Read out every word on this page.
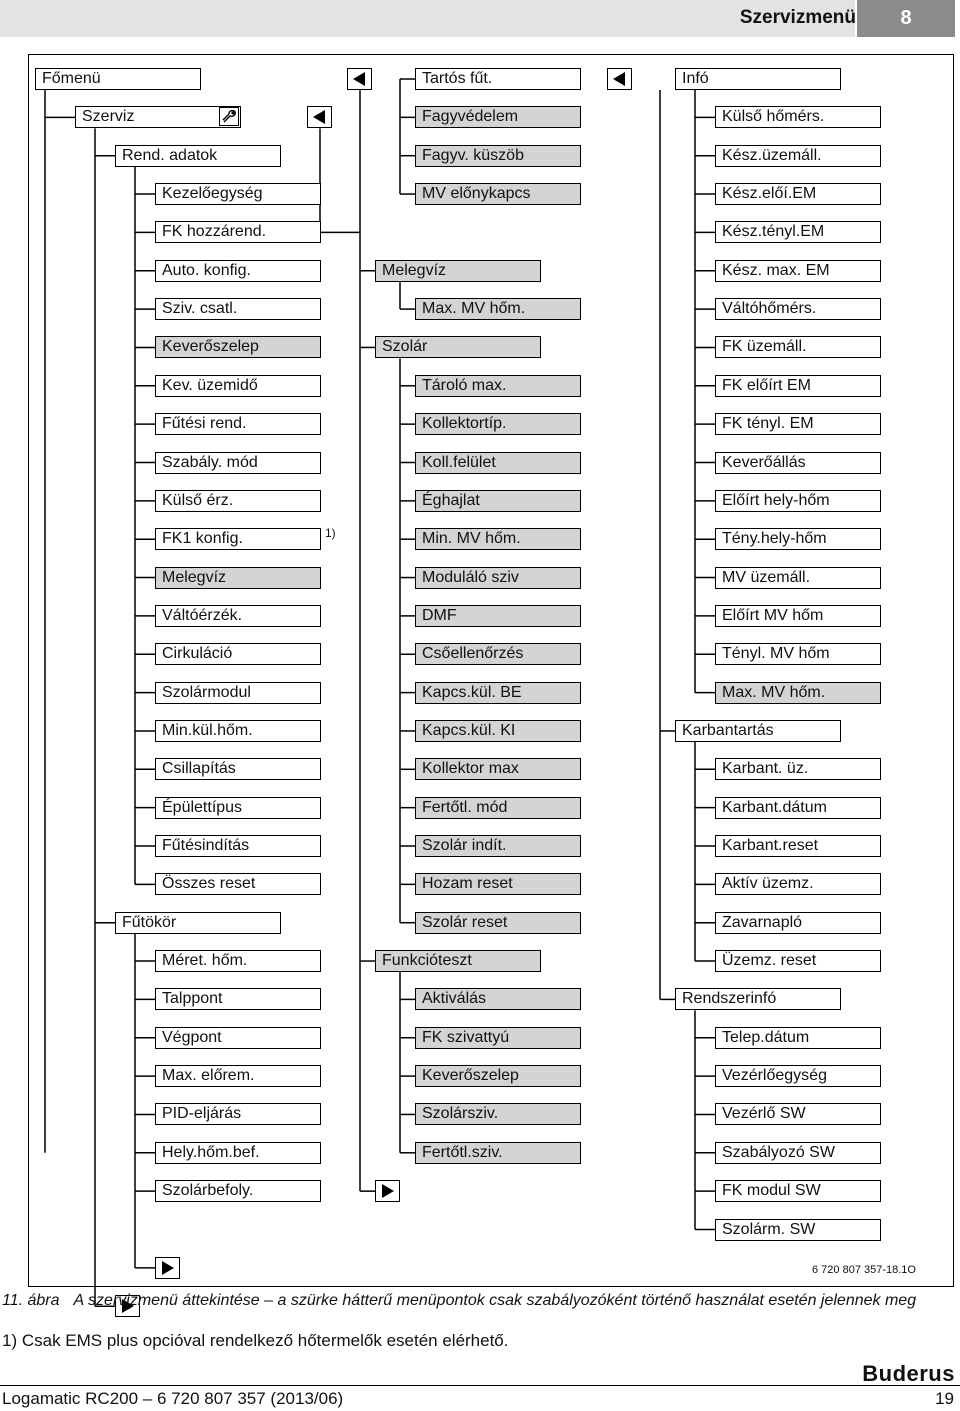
Szervizmenü	8
Főmenü
Szerviz
Rend. adatok
Kezelőegység
FK hozzárend.
Auto. konfig.
Sziv. csatl.
Keverőszelep
Kev. üzemidő
Fűtési rend.
Szabály. mód
Külső érz.
FK1 konfig.
Melegvíz
Váltóérzék.
Cirkuláció
Szolármodul
Min.kül.hőm.
Csillapítás
Épülettípus
Fűtésindítás
Összes reset
Fűtökör
Méret. hőm.
Talppont
Végpont
Max. előrem.
PID-eljárás
Hely.hőm.bef.
Szolárbefoly.
1)
Tartós fűt.
Fagyvédelem
Fagyv. küszöb
MV előnykapcs
Melegvíz
Max. MV hőm.
Szolár
Tároló max.
Kollektortíp.
Koll.felület
Éghajlat
Min. MV hőm.
Moduláló sziv
DMF
Csőellenőrzés
Kapcs.kül. BE
Kapcs.kül. KI
Kollektor max
Fertőtl. mód
Szolár indít.
Hozam reset
Szolár reset
Funkcióteszt
Aktiválás
FK szivattyú
Keverőszelep
Szolársziv.
Fertőtl.sziv.
Infó
Külső hőmérs.
Kész.üzemáll.
Kész.előí.EM
Kész.tényl.EM
Kész. max. EM
Váltóhőmérs.
FK üzemáll.
FK előírt EM
FK tényl. EM
Keverőállás
Előírt hely-hőm
Tény.hely-hőm
MV üzemáll.
Előírt MV hőm
Tényl. MV hőm
Max. MV hőm.
Karbantartás
Karbant. üz.
Karbant.dátum
Karbant.reset
Aktív üzemz.
Zavarnapló
Üzemz. reset
Rendszerinfó
Telep.dátum
Vezérlőegység
Vezérlő SW
Szabályozó SW
FK modul SW
Szolárm. SW
6 720 807 357-18.1O
11. ábra A szervizmenü áttekintése – a szürke hátterű menüpontok csak szabályozóként történő használat esetén jelennek meg
1) Csak EMS plus opcióval rendelkező hőtermelők esetén elérhető.
Buderus
Logamatic RC200 – 6 720 807 357 (2013/06)	19
